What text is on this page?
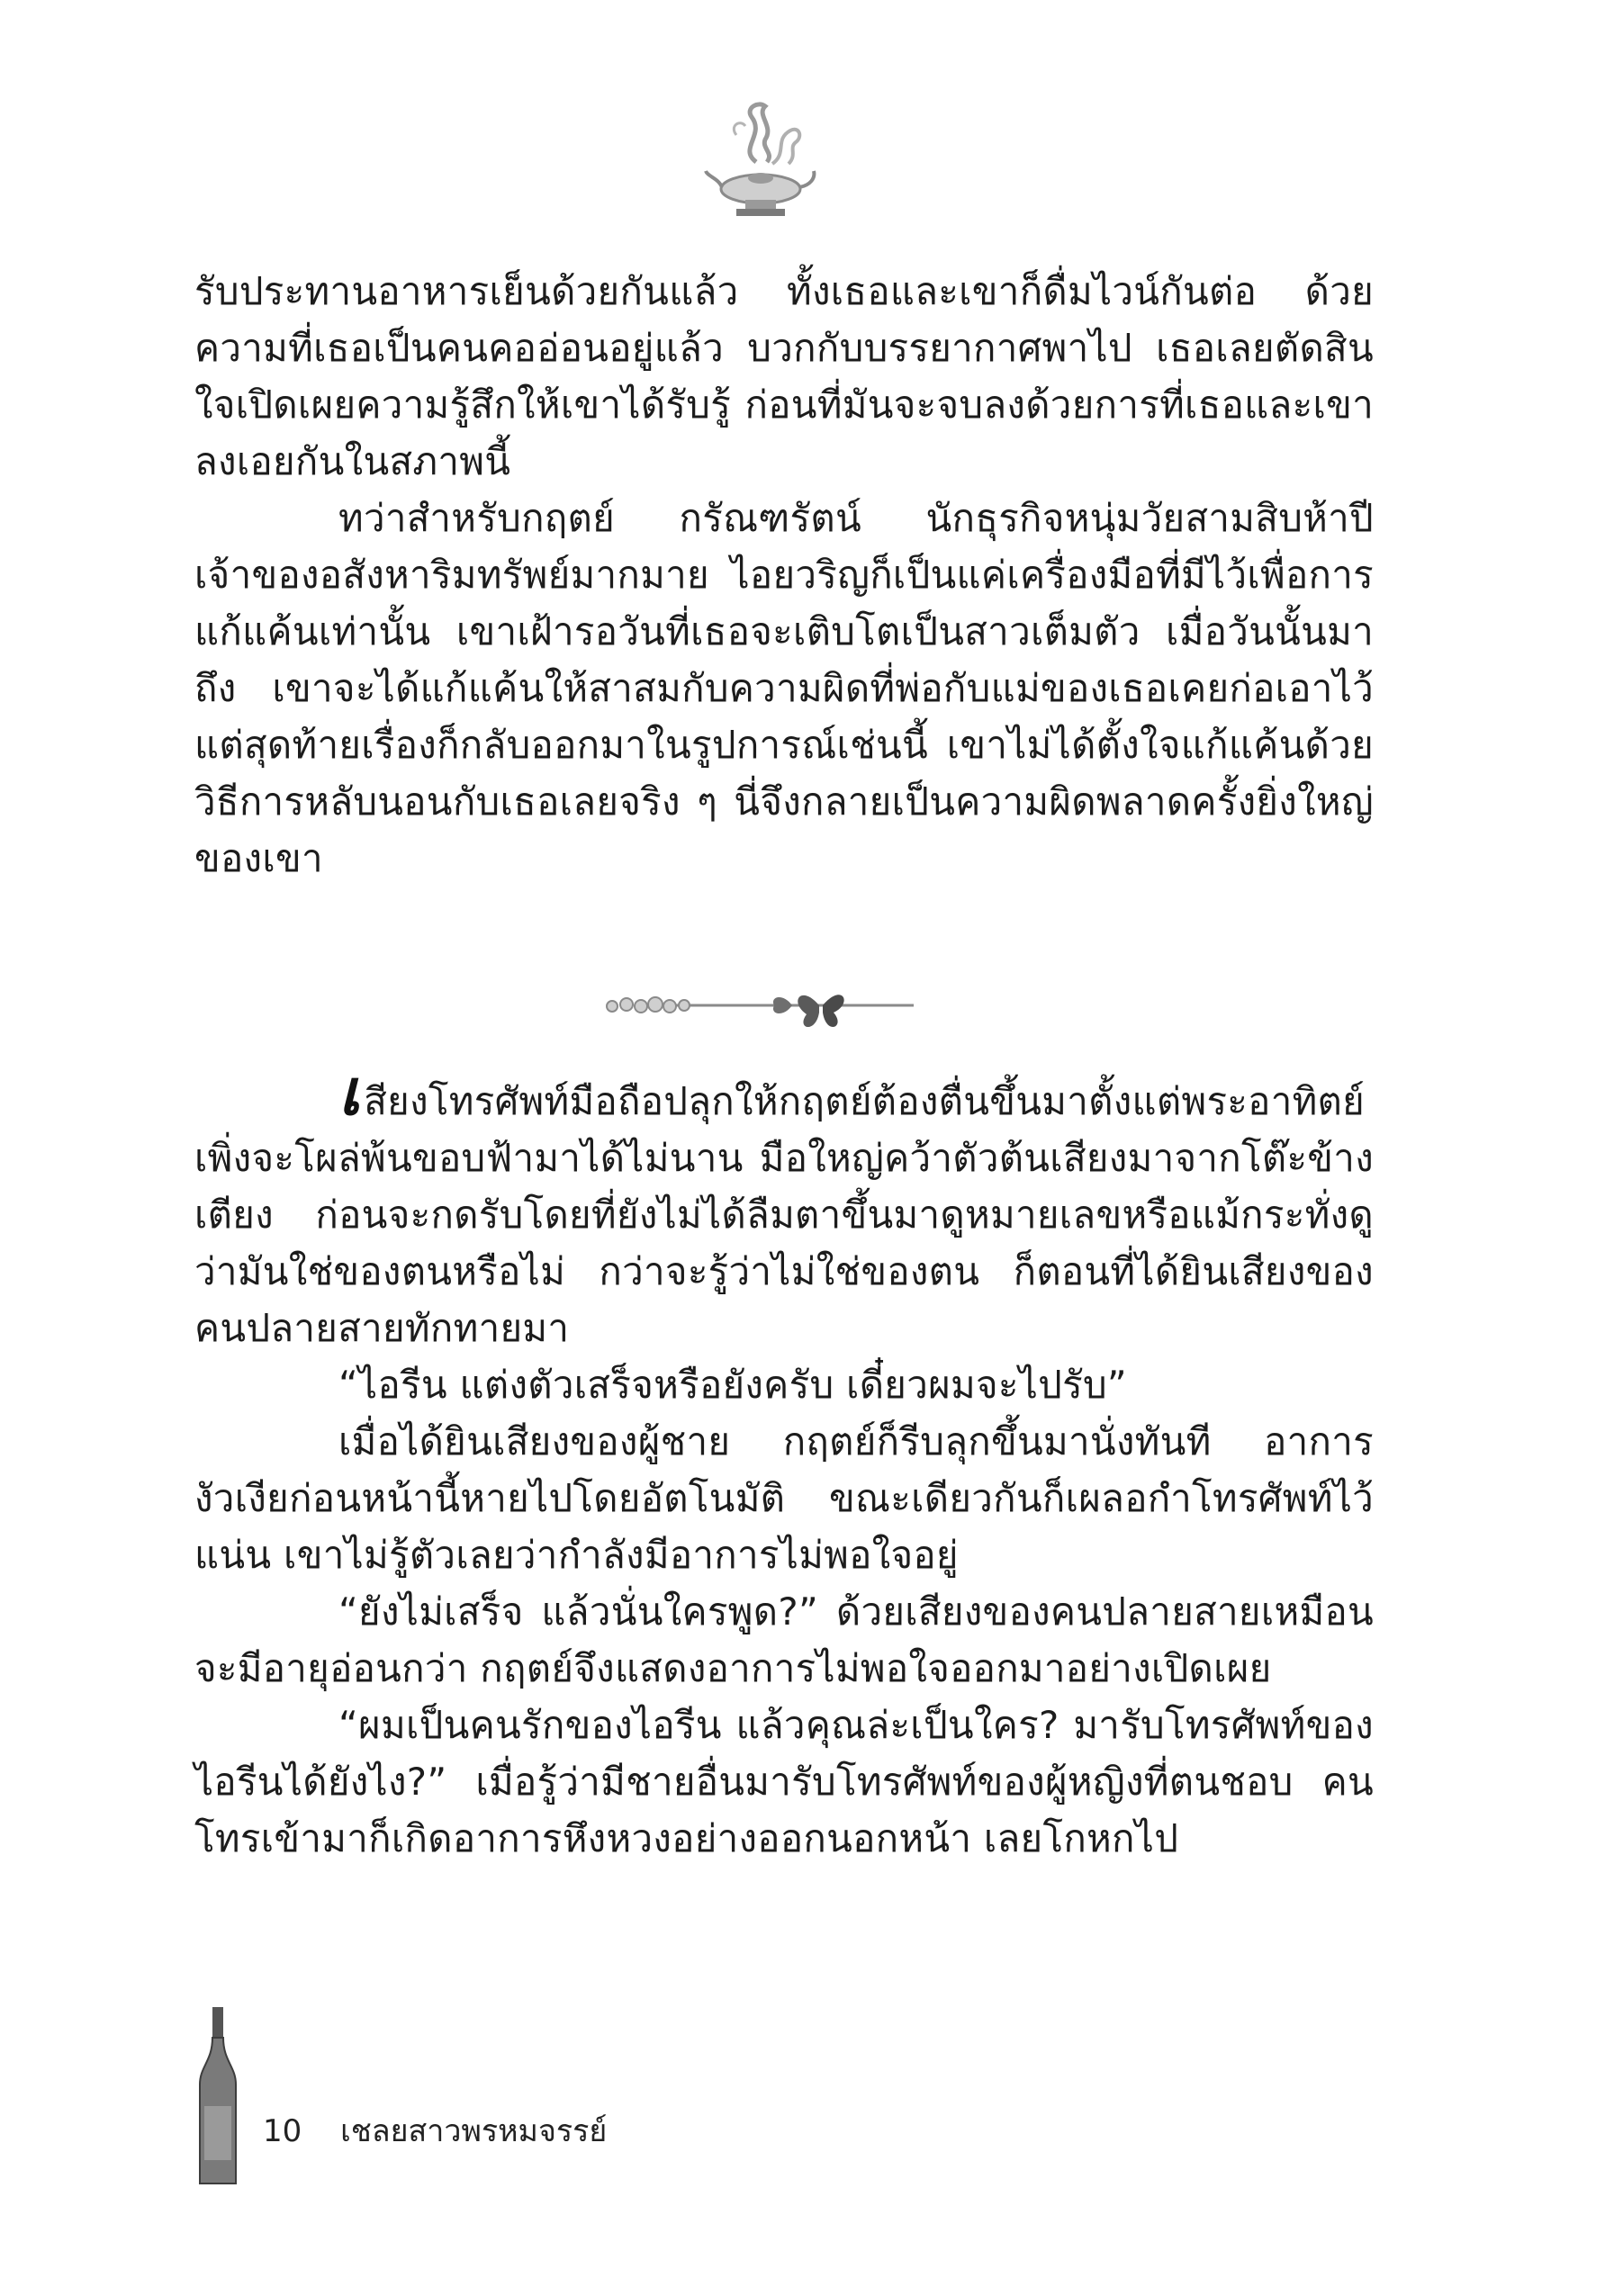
รับประทานอาหารเย็นด้วยกันแล้ว ทั้งเธอและเขาก็ดื่มไวน์กันต่อ ด้วยความที่เธอเป็นคนคออ่อนอยู่แล้ว บวกกับบรรยากาศพาไป เธอเลยตัดสินใจเปิดเผยความรู้สึกให้เขาได้รับรู้ ก่อนที่มันจะจบลงด้วยการที่เธอและเขาลงเอยกันในสภาพนี้

ทว่าสำหรับกฤตย์ กรัณฑรัตน์ นักธุรกิจหนุ่มวัยสามสิบห้าปี เจ้าของอสังหาริมทรัพย์มากมาย ไอยวริญก็เป็นแค่เครื่องมือที่มีไว้เพื่อการแก้แค้นเท่านั้น เขาเฝ้ารอวันที่เธอจะเติบโตเป็นสาวเต็มตัว เมื่อวันนั้นมาถึง เขาจะได้แก้แค้นให้สาสมกับความผิดที่พ่อกับแม่ของเธอเคยก่อเอาไว้ แต่สุดท้ายเรื่องก็กลับออกมาในรูปการณ์เช่นนี้ เขาไม่ได้ตั้งใจแก้แค้นด้วยวิธีการหลับนอนกับเธอเลยจริง ๆ นี่จึงกลายเป็นความผิดพลาดครั้งยิ่งใหญ่ของเขา

เสียงโทรศัพท์มือถือปลุกให้กฤตย์ต้องตื่นขึ้นมาตั้งแต่พระอาทิตย์เพิ่งจะโผล่พ้นขอบฟ้ามาได้ไม่นาน มือใหญ่คว้าตัวต้นเสียงมาจากโต๊ะข้างเตียง ก่อนจะกดรับโดยที่ยังไม่ได้ลืมตาขึ้นมาดูหมายเลขหรือแม้กระทั่งดูว่ามันใช่ของตนหรือไม่ กว่าจะรู้ว่าไม่ใช่ของตน ก็ตอนที่ได้ยินเสียงของคนปลายสายทักทายมา

“ไอรีน แต่งตัวเสร็จหรือยังครับ เดี๋ยวผมจะไปรับ”

เมื่อได้ยินเสียงของผู้ชาย กฤตย์ก็รีบลุกขึ้นมานั่งทันที อาการงัวเงียก่อนหน้านี้หายไปโดยอัตโนมัติ ขณะเดียวกันก็เผลอกำโทรศัพท์ไว้แน่น เขาไม่รู้ตัวเลยว่ากำลังมีอาการไม่พอใจอยู่

“ยังไม่เสร็จ แล้วนั่นใครพูด?” ด้วยเสียงของคนปลายสายเหมือนจะมีอายุอ่อนกว่า กฤตย์จึงแสดงอาการไม่พอใจออกมาอย่างเปิดเผย

“ผมเป็นคนรักของไอรีน แล้วคุณล่ะเป็นใคร? มารับโทรศัพท์ของไอรีนได้ยังไง?” เมื่อรู้ว่ามีชายอื่นมารับโทรศัพท์ของผู้หญิงที่ตนชอบ คนโทรเข้ามาก็เกิดอาการหึงหวงอย่างออกนอกหน้า เลยโกหกไป

10 เชลยสาวพรหมจรรย์
